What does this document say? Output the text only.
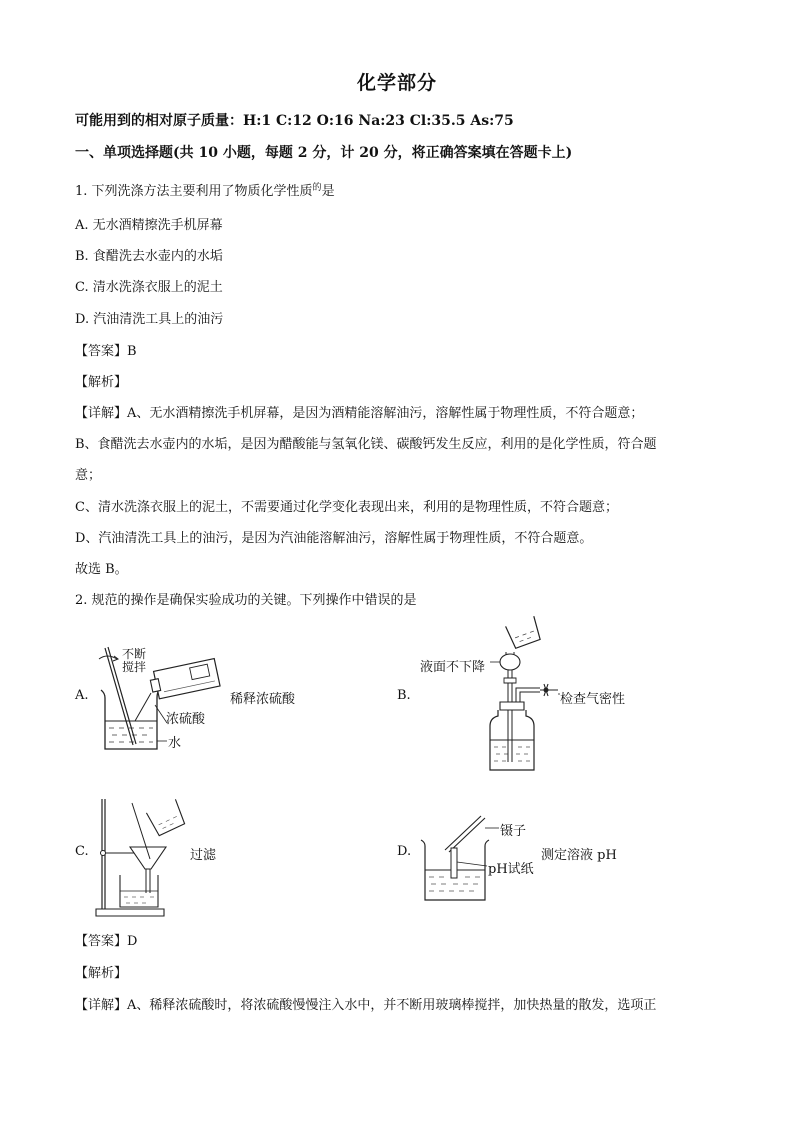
化学部分
可能用到的相对原子质量：H:1 C:12 O:16 Na:23 Cl:35.5 As:75
一、单项选择题(共 10 小题，每题 2 分，计 20 分，将正确答案填在答题卡上)
1. 下列洗涤方法主要利用了物质化学性质$^的$是
A. 无水酒精擦洗手机屏幕
B. 食醋洗去水壶内的水垢
C. 清水洗涤衣服上的泥土
D. 汽油清洗工具上的油污
【答案】B
【解析】
【详解】A、无水酒精擦洗手机屏幕，是因为酒精能溶解油污，溶解性属于物理性质，不符合题意；
B、食醋洗去水壶内的水垢，是因为醋酸能与氢氧化镁、碳酸钙发生反应，利用的是化学性质，符合题
意；
C、清水洗涤衣服上的泥土，不需要通过化学变化表现出来，利用的是物理性质，不符合题意；
D、汽油清洗工具上的油污，是因为汽油能溶解油污，溶解性属于物理性质，不符合题意。
故选 B。
2. 规范的操作是确保实验成功的关键。下列操作中错误的是
A.
不断
搅拌
稀释浓硫酸
浓硫酸
水
B.
液面不下降
检查气密性
C.	过滤	D.
镊子
pH试纸
测定溶液 pH
【答案】D
【解析】
【详解】A、稀释浓硫酸时，将浓硫酸慢慢注入水中，并不断用玻璃棒搅拌，加快热量的散发，选项正
